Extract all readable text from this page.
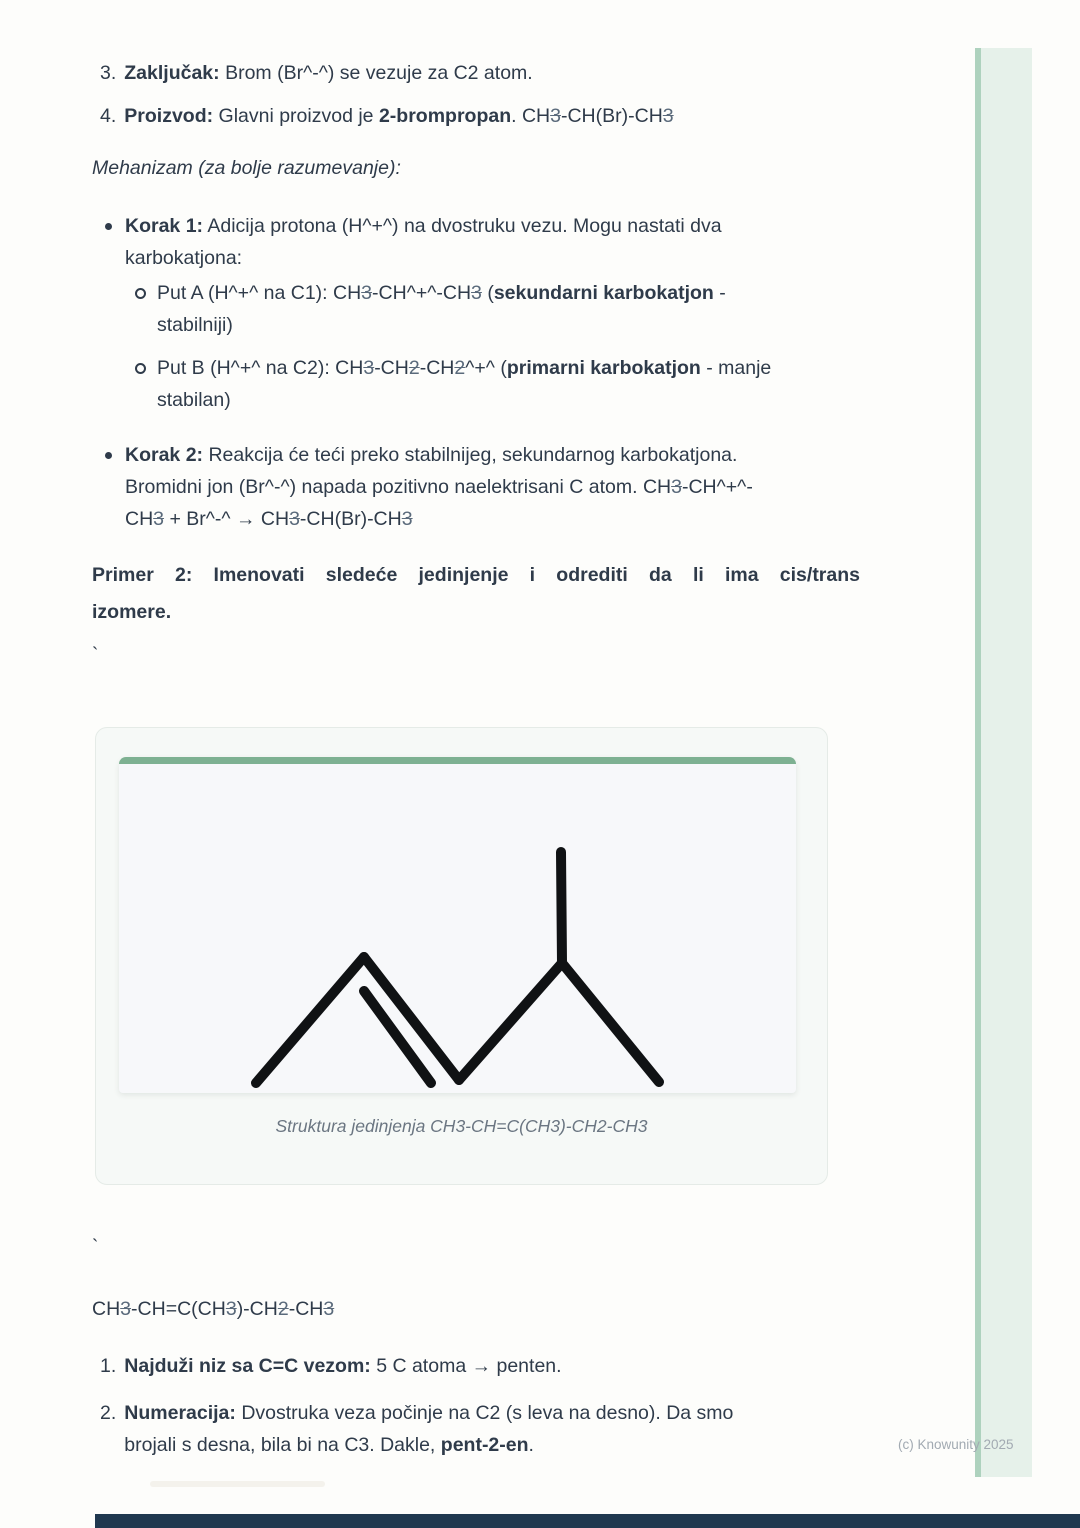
3. Zaključak: Brom (Br^-^) se vezuje za C2 atom.
4. Proizvod: Glavni proizvod je 2-brompropan. CH3-CH(Br)-CH3
Mehanizam (za bolje razumevanje):
Korak 1: Adicija protona (H^+^) na dvostruku vezu. Mogu nastati dva
karbokatjona:
Put A (H^+^ na C1): CH3-CH^+^-CH3 (sekundarni karbokatjon -
stabilniji)
Put B (H^+^ na C2): CH3-CH2-CH2^+^ (primarni karbokatjon - manje
stabilan)
Korak 2: Reakcija će teći preko stabilnijeg, sekundarnog karbokatjona.
Bromidni jon (Br^-^) napada pozitivno naelektrisani C atom. CH3-CH^+^-
CH3 + Br^-^ → CH3-CH(Br)-CH3
Primer 2: Imenovati sledeće jedinjenje i odrediti da li ima cis/trans
izomere.
`
Struktura jedinjenja CH3-CH=C(CH3)-CH2-CH3
`
CH3-CH=C(CH3)-CH2-CH3
1. Najduži niz sa C=C vezom: 5 C atoma → penten.
2. Numeracija: Dvostruka veza počinje na C2 (s leva na desno). Da smo
brojali s desna, bila bi na C3. Dakle, pent-2-en.	(c) Knowunity 2025
